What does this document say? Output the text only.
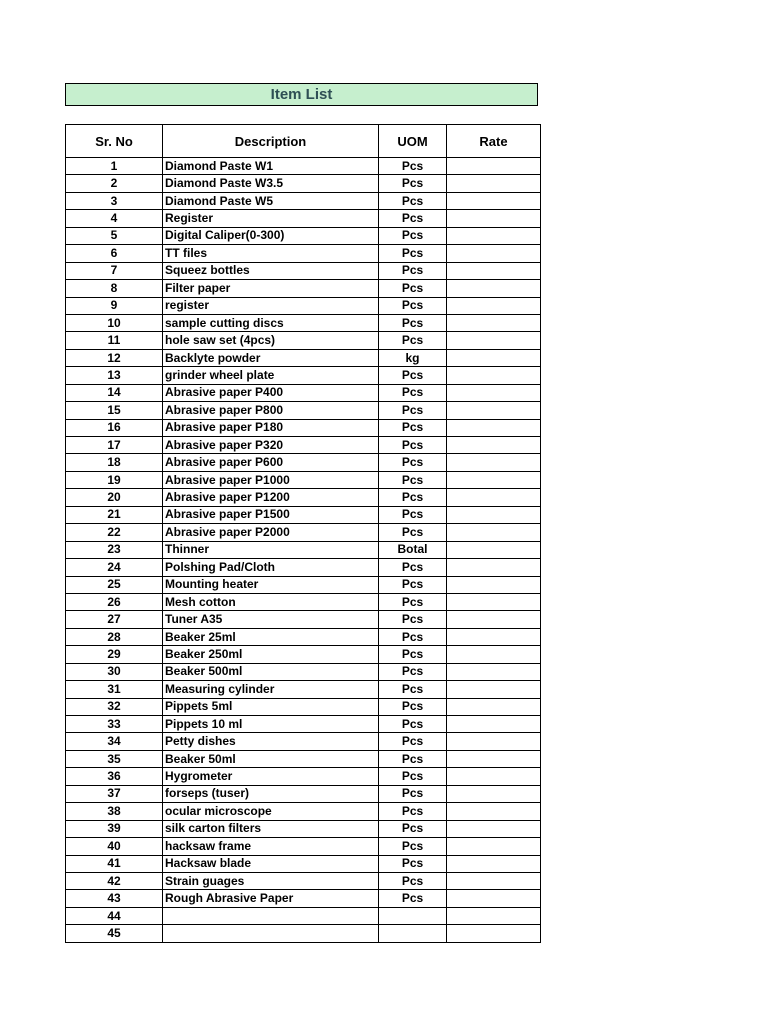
Item List
Sr. No	Description	UOM	Rate
1	Diamond Paste W1	Pcs	
2	Diamond Paste W3.5	Pcs	
3	Diamond Paste W5	Pcs	
4	Register	Pcs	
5	Digital Caliper(0-300)	Pcs	
6	TT files	Pcs	
7	Squeez bottles	Pcs	
8	Filter paper	Pcs	
9	register	Pcs	
10	sample cutting discs	Pcs	
11	hole saw set (4pcs)	Pcs	
12	Backlyte powder	kg	
13	grinder wheel plate	Pcs	
14	Abrasive paper P400	Pcs	
15	Abrasive paper P800	Pcs	
16	Abrasive paper P180	Pcs	
17	Abrasive paper P320	Pcs	
18	Abrasive paper P600	Pcs	
19	Abrasive paper P1000	Pcs	
20	Abrasive paper P1200	Pcs	
21	Abrasive paper P1500	Pcs	
22	Abrasive paper P2000	Pcs	
23	Thinner	Botal	
24	Polshing Pad/Cloth	Pcs	
25	Mounting heater	Pcs	
26	Mesh cotton	Pcs	
27	Tuner A35	Pcs	
28	Beaker 25ml	Pcs	
29	Beaker 250ml	Pcs	
30	Beaker 500ml	Pcs	
31	Measuring cylinder	Pcs	
32	Pippets 5ml	Pcs	
33	Pippets 10 ml	Pcs	
34	Petty dishes	Pcs	
35	Beaker 50ml	Pcs	
36	Hygrometer	Pcs	
37	forseps (tuser)	Pcs	
38	ocular microscope	Pcs	
39	silk carton filters	Pcs	
40	hacksaw frame	Pcs	
41	Hacksaw blade	Pcs	
42	Strain guages	Pcs	
43	Rough Abrasive Paper	Pcs	
44			
45			
